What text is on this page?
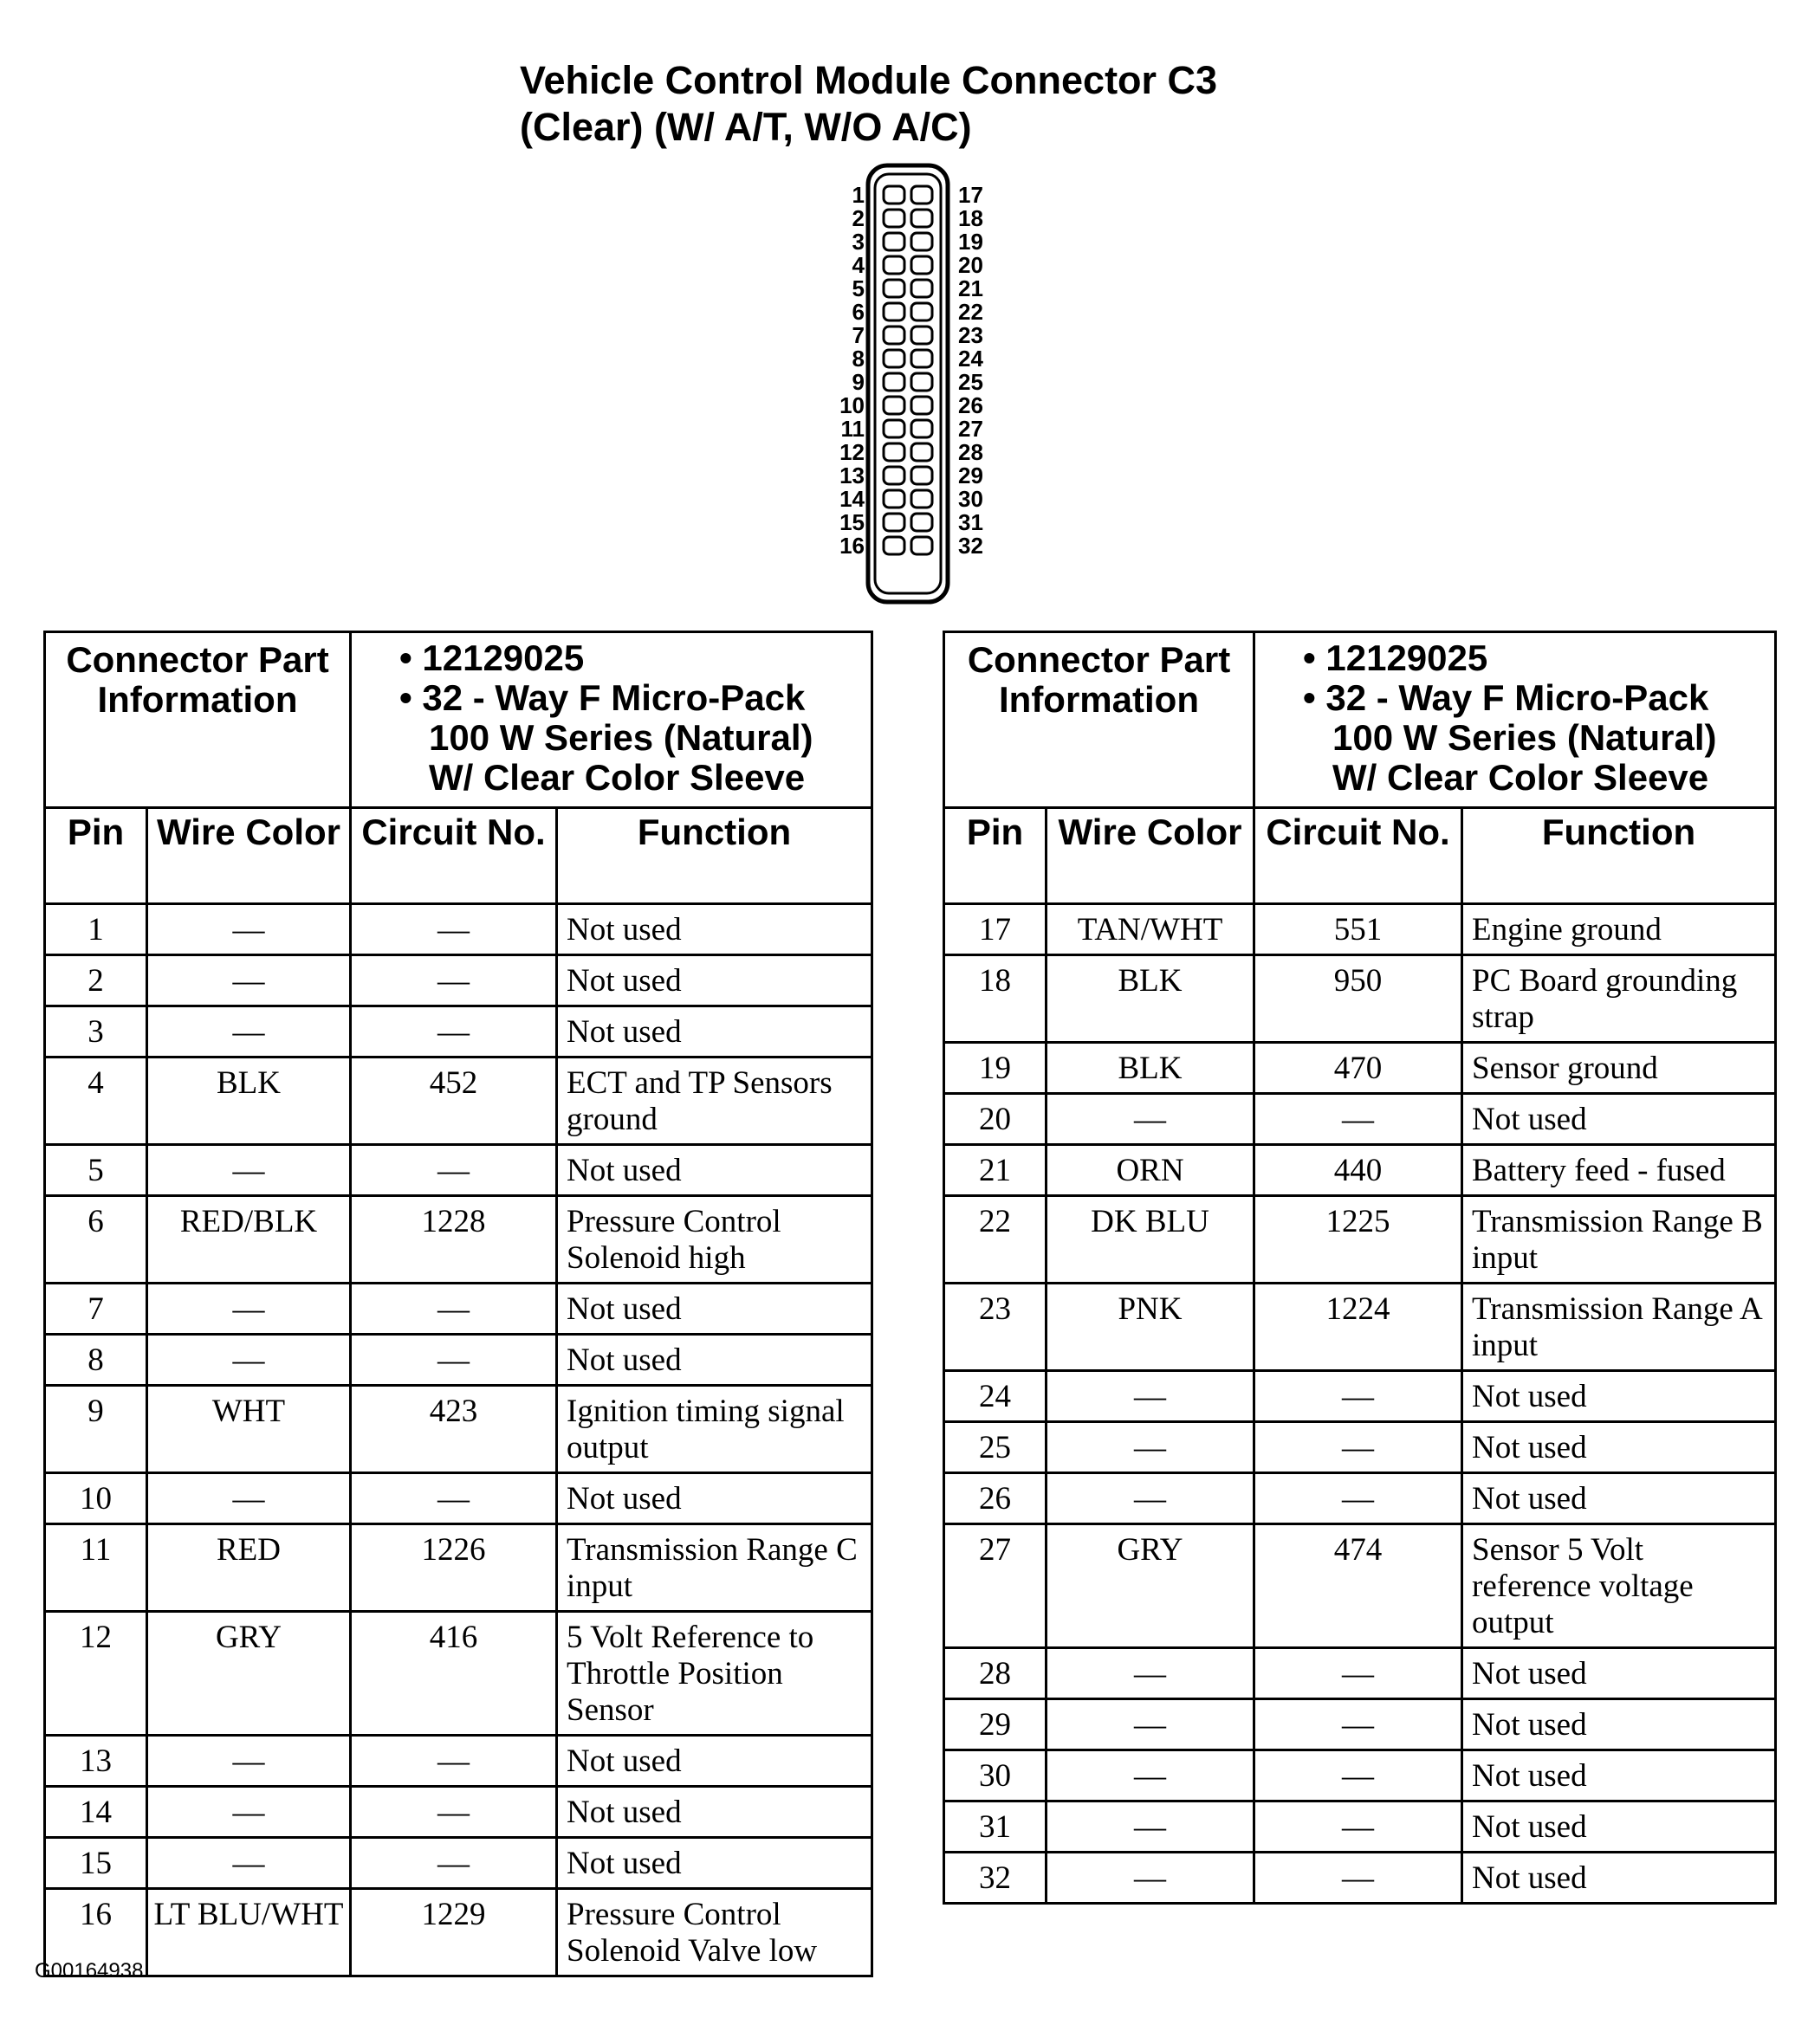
Vehicle Control Module Connector C3
(Clear) (W/ A/T, W/O A/C)
1
2
3
4
5
6
7
8
9
10
11
12
13
14
15
16
17
18
19
20
21
22
23
24
25
26
27
28
29
30
31
32
Connector Part Information		• 12129025
• 32 - Way F Micro-Pack
100 W Series (Natural)
W/ Clear Color Sleeve	

Pin	Wire Color	Circuit No.	Function
1	—	—	Not used
2	—	—	Not used
3	—	—	Not used
4	BLK	452	ECT and TP Sensors ground
5	—	—	Not used
6	RED/BLK	1228	Pressure Control Solenoid high
7	—	—	Not used
8	—	—	Not used
9	WHT	423	Ignition timing signal output
10	—	—	Not used
11	RED	1226	Transmission Range C input
12	GRY	416	5 Volt Reference to Throttle Position Sensor
13	—	—	Not used
14	—	—	Not used
15	—	—	Not used
16	LT BLU/WHT	1229	Pressure Control Solenoid Valve low
Connector Part Information		• 12129025
• 32 - Way F Micro-Pack
100 W Series (Natural)
W/ Clear Color Sleeve	

Pin	Wire Color	Circuit No.	Function
17	TAN/WHT	551	Engine ground
18	BLK	950	PC Board grounding strap
19	BLK	470	Sensor ground
20	—	—	Not used
21	ORN	440	Battery feed - fused
22	DK BLU	1225	Transmission Range B input
23	PNK	1224	Transmission Range A input
24	—	—	Not used
25	—	—	Not used
26	—	—	Not used
27	GRY	474	Sensor 5 Volt reference voltage output
28	—	—	Not used
29	—	—	Not used
30	—	—	Not used
31	—	—	Not used
32	—	—	Not used
G00164938
